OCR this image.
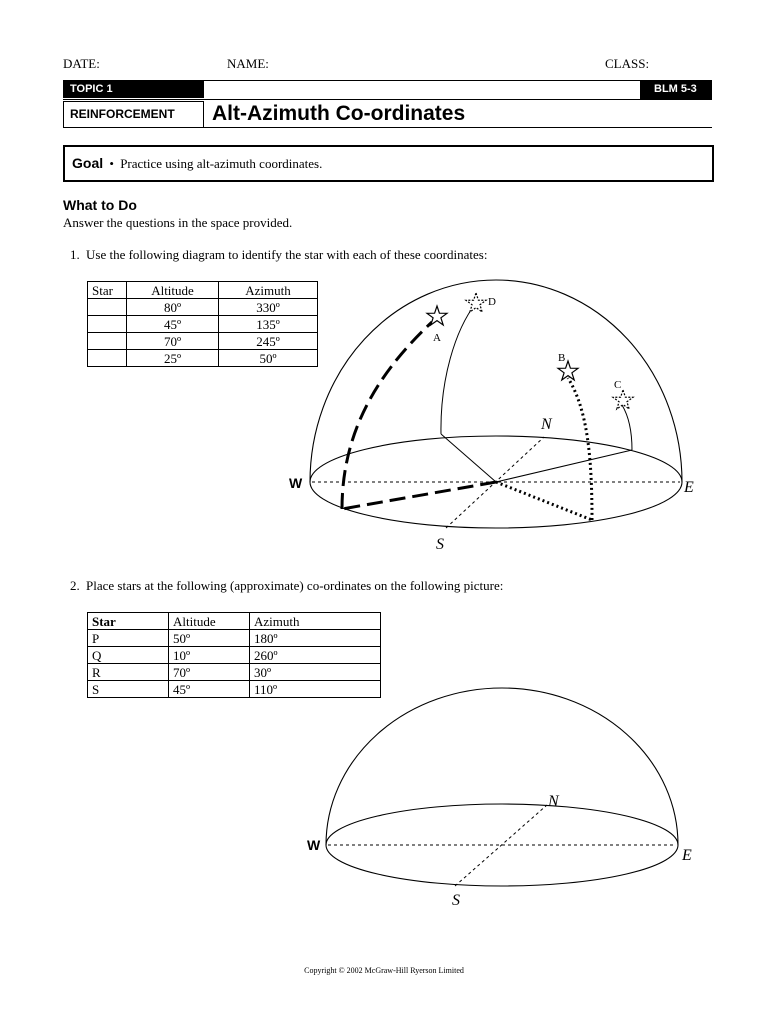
DATE:	NAME:	CLASS:
TOPIC 1	BLM 5-3
REINFORCEMENT	Alt-Azimuth Co-ordinates
Goal • Practice using alt-azimuth coordinates.
What to Do
Answer the questions in the space provided.
1. Use the following diagram to identify the star with each of these coordinates:
Star	Altitude	Azimuth
	80º	330º
	45º	135º
	70º	245º
	25º	50º
A
B
C
D
W	E
N
S
2. Place stars at the following (approximate) co-ordinates on the following picture:
Star	Altitude	Azimuth
P	50º	180º
Q	10º	260º
R	70º	30º
S	45º	110º
W
E
N
S
Copyright © 2002 McGraw-Hill Ryerson Limited
